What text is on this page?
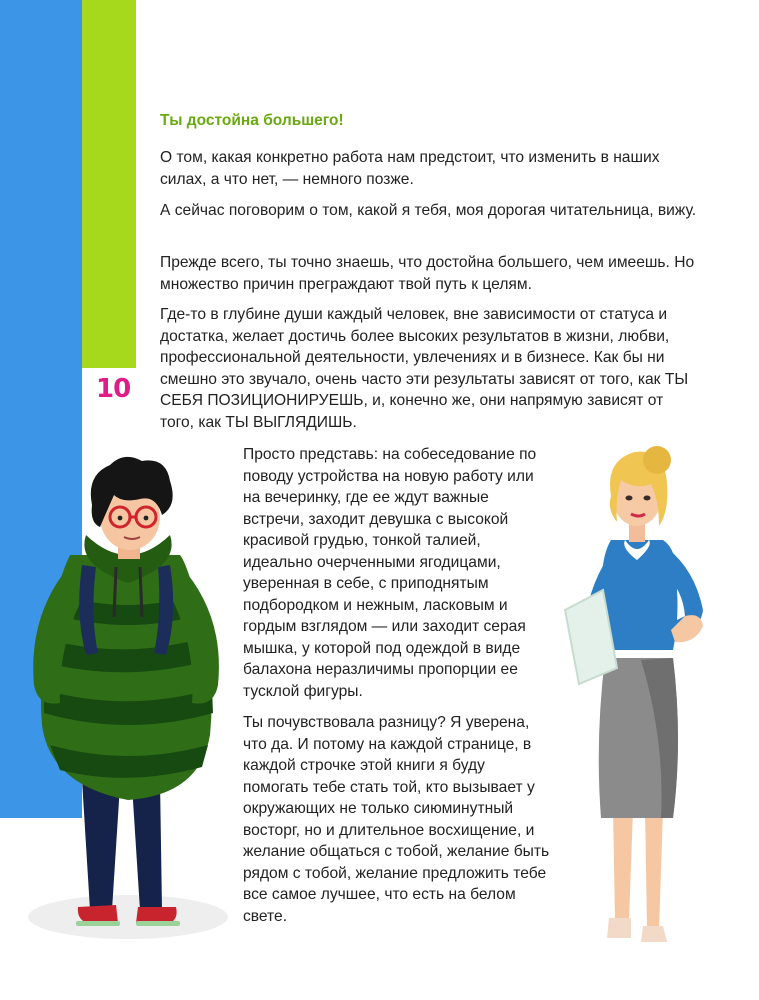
10
Ты достойна большего!

О том, какая конкретно работа нам предстоит, что изменить в наших силах, а что нет, — немного позже.

А сейчас поговорим о том, какой я тебя, моя дорогая читательница, вижу.

Прежде всего, ты точно знаешь, что достойна большего, чем имеешь. Но множество причин преграждают твой путь к целям.

Где-то в глубине души каждый человек, вне зависимости от статуса и достатка, желает достичь более высоких результатов в жизни, любви, профессиональной деятельности, увлечениях и в бизнесе. Как бы ни смешно это звучало, очень часто эти результаты зависят от того, как ТЫ СЕБЯ ПОЗИЦИОНИРУЕШЬ, и, конечно же, они напрямую зависят от того, как ТЫ ВЫГЛЯДИШЬ.

Просто представь: на собеседование по поводу устройства на новую работу или на вечеринку, где ее ждут важные встречи, заходит девушка с высокой красивой грудью, тонкой талией, идеально очерченными ягодицами, уверенная в себе, с приподнятым подбородком и нежным, ласковым и гордым взглядом — или заходит серая мышка, у которой под одеждой в виде балахона неразличимы пропорции ее тусклой фигуры.

Ты почувствовала разницу? Я уверена, что да. И потому на каждой странице, в каждой строчке этой книги я буду помогать тебе стать той, кто вызывает у окружающих не только сиюминутный восторг, но и длительное восхищение, и желание общаться с тобой, желание быть рядом с тобой, желание предложить тебе все самое лучшее, что есть на белом свете.
